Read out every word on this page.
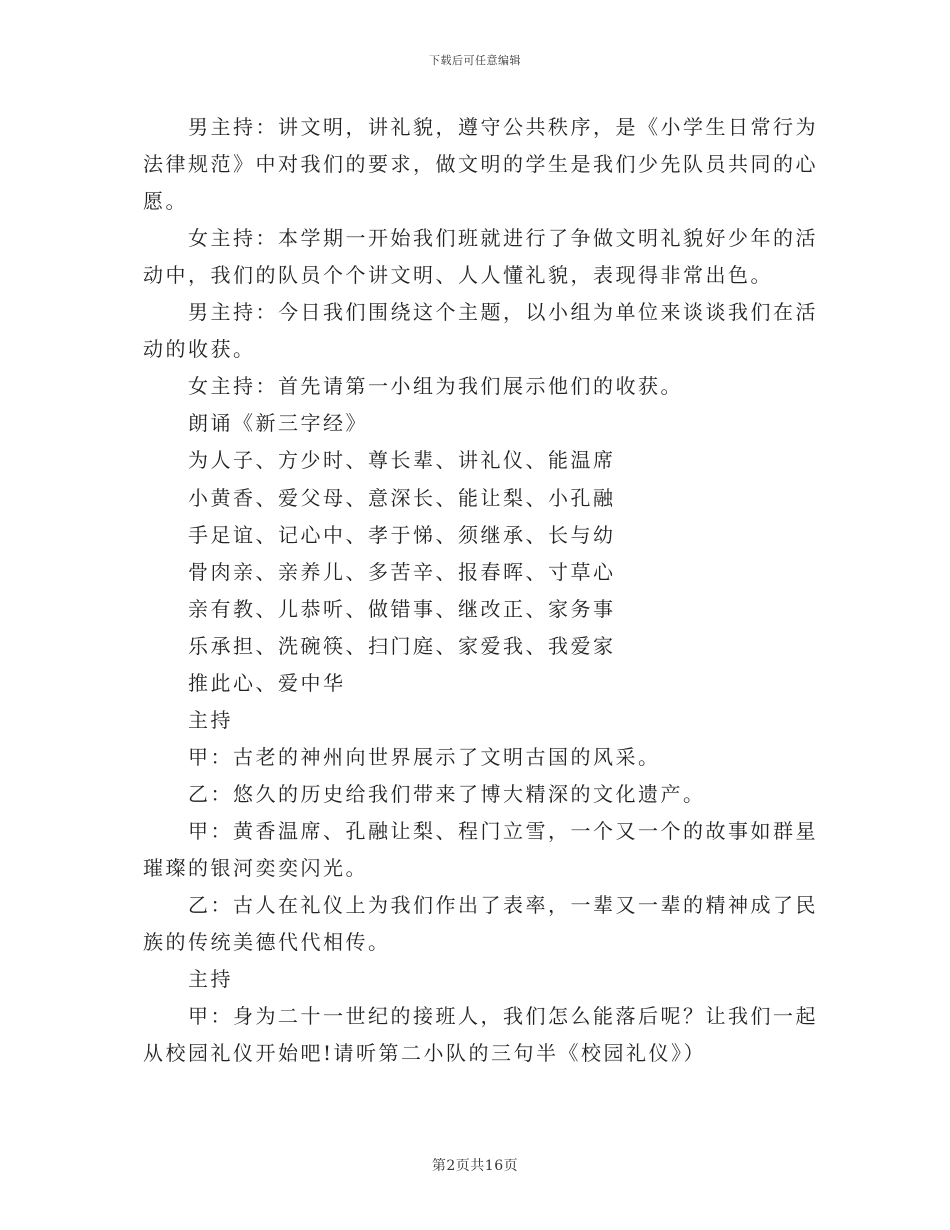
下载后可任意编辑
男主持：讲文明，讲礼貌，遵守公共秩序，是《小学生日常行为
法律规范》中对我们的要求，做文明的学生是我们少先队员共同的心
愿。
女主持：本学期一开始我们班就进行了争做文明礼貌好少年的活
动中，我们的队员个个讲文明、人人懂礼貌，表现得非常出色。
男主持：今日我们围绕这个主题，以小组为单位来谈谈我们在活
动的收获。
女主持：首先请第一小组为我们展示他们的收获。
朗诵《新三字经》
为人子、方少时、尊长辈、讲礼仪、能温席
小黄香、爱父母、意深长、能让梨、小孔融
手足谊、记心中、孝于悌、须继承、长与幼
骨肉亲、亲养儿、多苦辛、报春晖、寸草心
亲有教、儿恭听、做错事、继改正、家务事
乐承担、洗碗筷、扫门庭、家爱我、我爱家
推此心、爱中华
主持
甲：古老的神州向世界展示了文明古国的风采。
乙：悠久的历史给我们带来了博大精深的文化遗产。
甲：黄香温席、孔融让梨、程门立雪，一个又一个的故事如群星
璀璨的银河奕奕闪光。
乙：古人在礼仪上为我们作出了表率，一辈又一辈的精神成了民
族的传统美德代代相传。
主持
甲：身为二十一世纪的接班人，我们怎么能落后呢？让我们一起
从校园礼仪开始吧!请听第二小队的三句半《校园礼仪》）
第2页共16页
